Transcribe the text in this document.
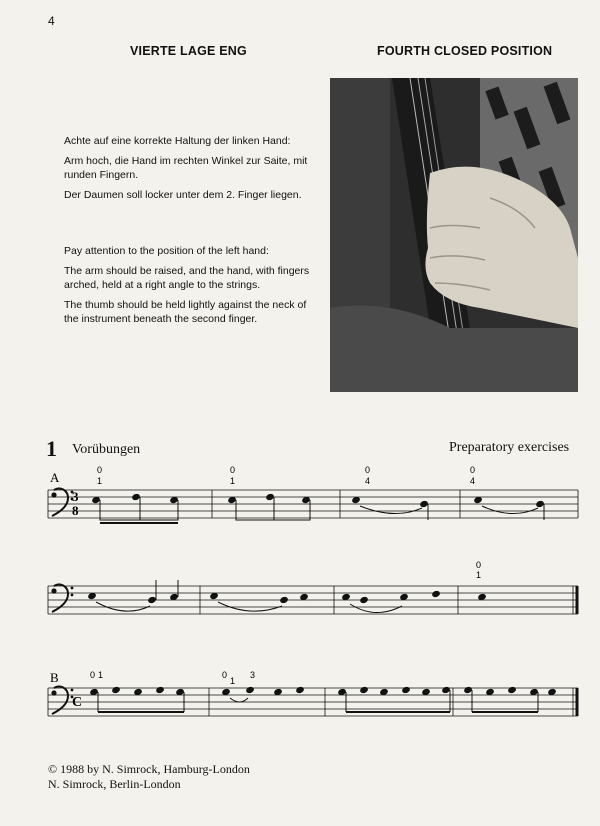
4
VIERTE LAGE ENG	FOURTH CLOSED POSITION

Achte auf eine korrekte Haltung der linken Hand:

Arm hoch, die Hand im rechten Winkel zur Saite, mit runden Fingern.

Der Daumen soll locker unter dem 2. Finger liegen.

Pay attention to the position of the left hand:

The arm should be raised, and the hand, with fingers arched, held at a right angle to the strings.

The thumb should be held lightly against the neck of the instrument beneath the second finger.

1 Vorübungen	Preparatory exercises
3
8
A	0
1
0
1
0
4
0
4
0
1
C
B	0 1	0
1
3
© 1988 by N. Simrock, Hamburg-London
N. Simrock, Berlin-London
